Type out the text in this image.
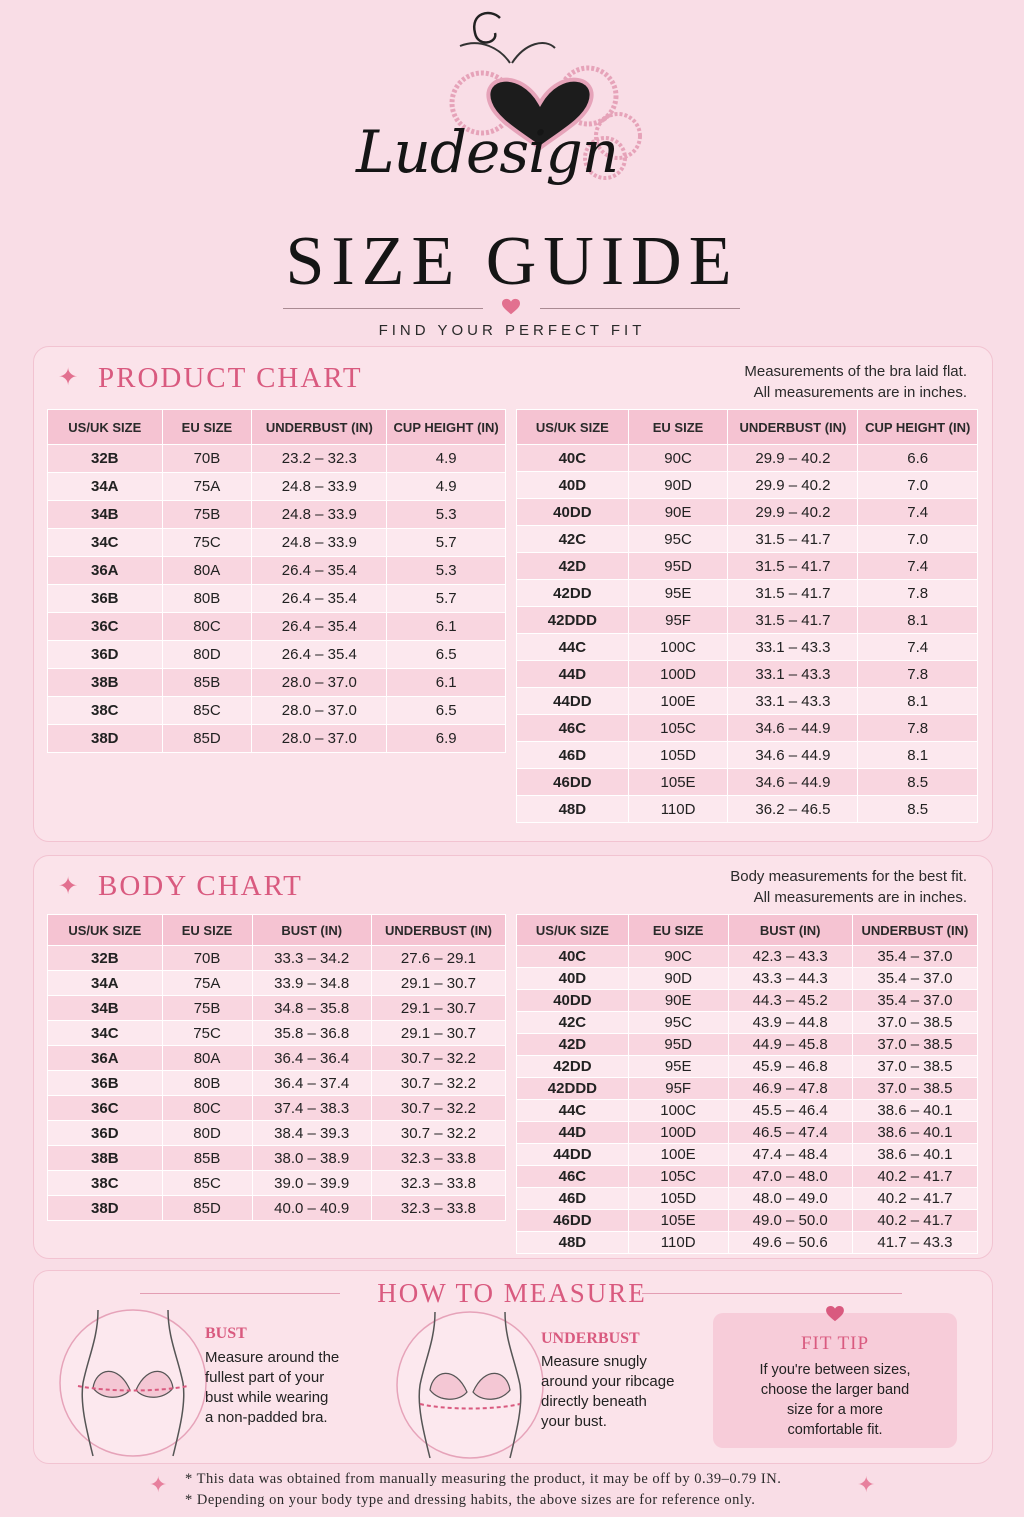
Ludesign
SIZE GUIDE
FIND YOUR PERFECT FIT
✦ PRODUCT CHART	Measurements of the bra laid flat.
All measurements are in inches.
US/UK SIZE	EU SIZE	UNDERBUST (IN)	CUP HEIGHT (IN)
32B	70B	23.2 – 32.3	4.9
34A	75A	24.8 – 33.9	4.9
34B	75B	24.8 – 33.9	5.3
34C	75C	24.8 – 33.9	5.7
36A	80A	26.4 – 35.4	5.3
36B	80B	26.4 – 35.4	5.7
36C	80C	26.4 – 35.4	6.1
36D	80D	26.4 – 35.4	6.5
38B	85B	28.0 – 37.0	6.1
38C	85C	28.0 – 37.0	6.5
38D	85D	28.0 – 37.0	6.9
US/UK SIZE	EU SIZE	UNDERBUST (IN)	CUP HEIGHT (IN)
40C	90C	29.9 – 40.2	6.6
40D	90D	29.9 – 40.2	7.0
40DD	90E	29.9 – 40.2	7.4
42C	95C	31.5 – 41.7	7.0
42D	95D	31.5 – 41.7	7.4
42DD	95E	31.5 – 41.7	7.8
42DDD	95F	31.5 – 41.7	8.1
44C	100C	33.1 – 43.3	7.4
44D	100D	33.1 – 43.3	7.8
44DD	100E	33.1 – 43.3	8.1
46C	105C	34.6 – 44.9	7.8
46D	105D	34.6 – 44.9	8.1
46DD	105E	34.6 – 44.9	8.5
48D	110D	36.2 – 46.5	8.5
✦ BODY CHART	Body measurements for the best fit.
All measurements are in inches.
US/UK SIZE	EU SIZE	BUST (IN)	UNDERBUST (IN)
32B	70B	33.3 – 34.2	27.6 – 29.1
34A	75A	33.9 – 34.8	29.1 – 30.7
34B	75B	34.8 – 35.8	29.1 – 30.7
34C	75C	35.8 – 36.8	29.1 – 30.7
36A	80A	36.4 – 36.4	30.7 – 32.2
36B	80B	36.4 – 37.4	30.7 – 32.2
36C	80C	37.4 – 38.3	30.7 – 32.2
36D	80D	38.4 – 39.3	30.7 – 32.2
38B	85B	38.0 – 38.9	32.3 – 33.8
38C	85C	39.0 – 39.9	32.3 – 33.8
38D	85D	40.0 – 40.9	32.3 – 33.8
US/UK SIZE	EU SIZE	BUST (IN)	UNDERBUST (IN)
40C	90C	42.3 – 43.3	35.4 – 37.0
40D	90D	43.3 – 44.3	35.4 – 37.0
40DD	90E	44.3 – 45.2	35.4 – 37.0
42C	95C	43.9 – 44.8	37.0 – 38.5
42D	95D	44.9 – 45.8	37.0 – 38.5
42DD	95E	45.9 – 46.8	37.0 – 38.5
42DDD	95F	46.9 – 47.8	37.0 – 38.5
44C	100C	45.5 – 46.4	38.6 – 40.1
44D	100D	46.5 – 47.4	38.6 – 40.1
44DD	100E	47.4 – 48.4	38.6 – 40.1
46C	105C	47.0 – 48.0	40.2 – 41.7
46D	105D	48.0 – 49.0	40.2 – 41.7
46DD	105E	49.0 – 50.0	40.2 – 41.7
48D	110D	49.6 – 50.6	41.7 – 43.3
HOW TO MEASURE
BUST
Measure around the
fullest part of your
bust while wearing
a non-padded bra.
UNDERBUST
Measure snugly
around your ribcage
directly beneath
your bust.
FIT TIP
If you're between sizes,
choose the larger band
size for a more
comfortable fit.
✦	✦
* This data was obtained from manually measuring the product, it may be off by 0.39–0.79 IN.
* Depending on your body type and dressing habits, the above sizes are for reference only.
